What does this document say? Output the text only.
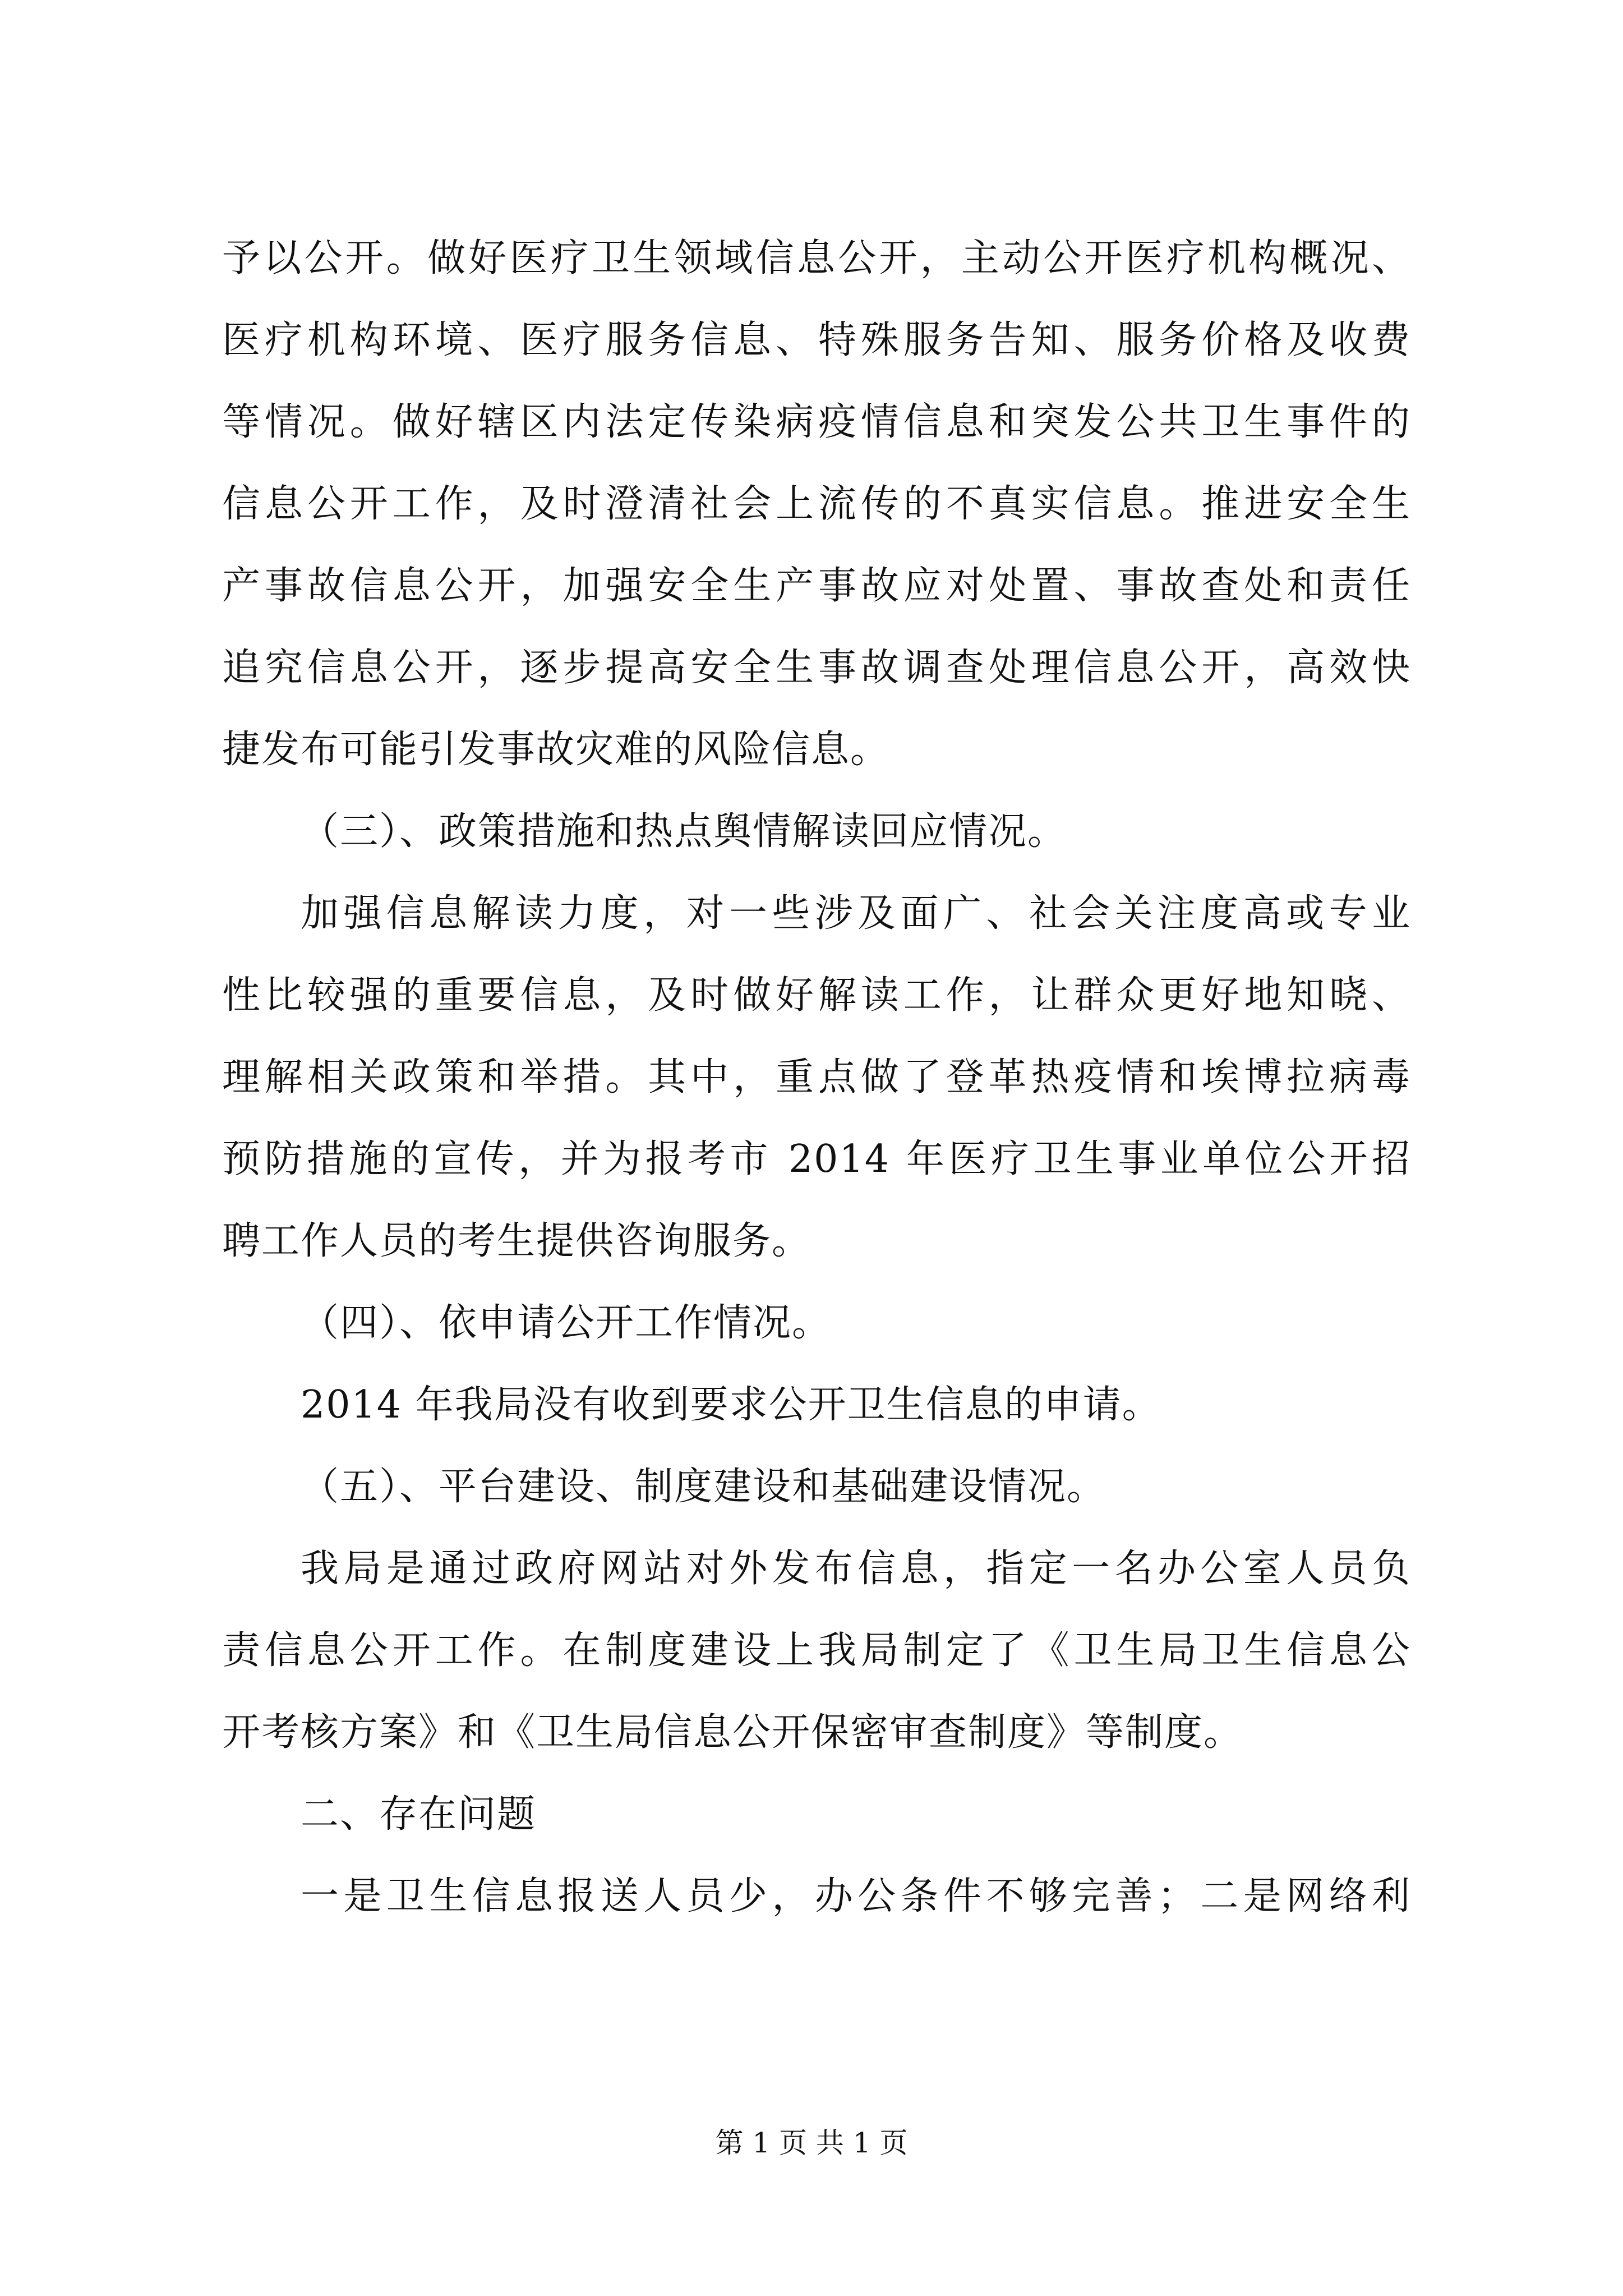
予以公开。做好医疗卫生领域信息公开，主动公开医疗机构概况、
医疗机构环境、医疗服务信息、特殊服务告知、服务价格及收费
等情况。做好辖区内法定传染病疫情信息和突发公共卫生事件的
信息公开工作，及时澄清社会上流传的不真实信息。推进安全生
产事故信息公开，加强安全生产事故应对处置、事故查处和责任
追究信息公开，逐步提高安全生事故调查处理信息公开，高效快
捷发布可能引发事故灾难的风险信息。
（三）、政策措施和热点舆情解读回应情况。
加强信息解读力度，对一些涉及面广、社会关注度高或专业
性比较强的重要信息，及时做好解读工作，让群众更好地知晓、
理解相关政策和举措。其中，重点做了登革热疫情和埃博拉病毒
预防措施的宣传，并为报考市 2014 年医疗卫生事业单位公开招
聘工作人员的考生提供咨询服务。
（四）、依申请公开工作情况。
2014 年我局没有收到要求公开卫生信息的申请。
（五）、平台建设、制度建设和基础建设情况。
我局是通过政府网站对外发布信息，指定一名办公室人员负
责信息公开工作。在制度建设上我局制定了《卫生局卫生信息公
开考核方案》和《卫生局信息公开保密审查制度》等制度。
二、存在问题
一是卫生信息报送人员少，办公条件不够完善；二是网络利
第 1 页 共 1 页
